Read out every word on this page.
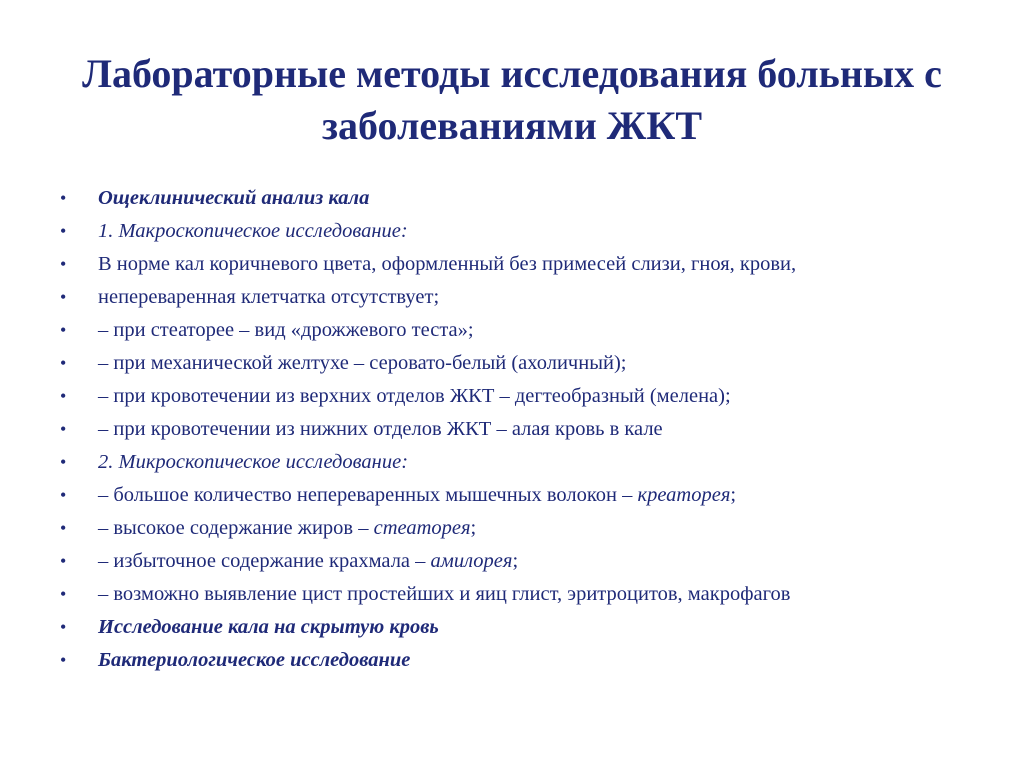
Лабораторные методы исследования больных с заболеваниями ЖКТ
•	Ощеклинический анализ кала
•	1. Макроскопическое исследование:
•	В норме кал коричневого цвета, оформленный без примесей слизи, гноя, крови,
•	непереваренная клетчатка отсутствует;
•	– при стеаторее – вид «дрожжевого теста»;
•	– при механической желтухе – серовато-белый (ахоличный);
•	– при кровотечении из верхних отделов ЖКТ – дегтеобразный (мелена);
•	– при кровотечении из нижних отделов ЖКТ – алая кровь в кале
•	2. Микроскопическое исследование:
•	– большое количество непереваренных мышечных волокон – креаторея;
•	– высокое содержание жиров – стеаторея;
•	– избыточное содержание крахмала – амилорея;
•	– возможно выявление цист простейших и яиц глист, эритроцитов, макрофагов
•	Исследование кала на скрытую кровь
•	Бактериологическое исследование
